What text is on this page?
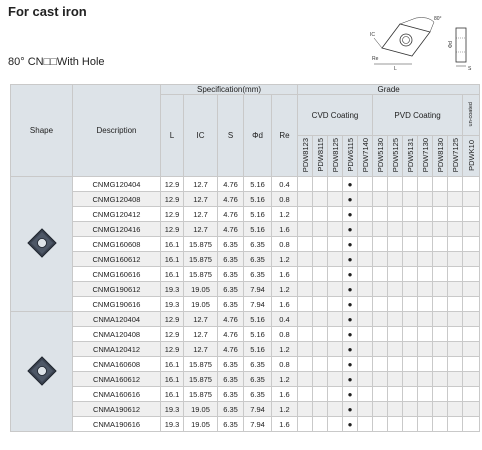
For cast iron	80°
IC
Re
L
Φd
S
80° CN□□With Hole
Shape	Description	Specification(mm)					Grade											
		L	IC	S	Φd	Re	CVD Coating					PVD Coating						un-coated
							PDW8123	PDW8115	PDW8125	PDW6115	PDW7140	PDW5130	PDW5125	PDW5131	PDW7130	PDW8130	PDW7125	PDWK10
	CNMG120404	12.9	12.7	4.76	5.16	0.4				●								
	CNMG120408	12.9	12.7	4.76	5.16	0.8				●								
	CNMG120412	12.9	12.7	4.76	5.16	1.2				●								
	CNMG120416	12.9	12.7	4.76	5.16	1.6				●								
	CNMG160608	16.1	15.875	6.35	6.35	0.8				●								
	CNMG160612	16.1	15.875	6.35	6.35	1.2				●								
	CNMG160616	16.1	15.875	6.35	6.35	1.6				●								
	CNMG190612	19.3	19.05	6.35	7.94	1.2				●								
	CNMG190616	19.3	19.05	6.35	7.94	1.6				●								
	CNMA120404	12.9	12.7	4.76	5.16	0.4				●								
	CNMA120408	12.9	12.7	4.76	5.16	0.8				●								
	CNMA120412	12.9	12.7	4.76	5.16	1.2				●								
	CNMA160608	16.1	15.875	6.35	6.35	0.8				●								
	CNMA160612	16.1	15.875	6.35	6.35	1.2				●								
	CNMA160616	16.1	15.875	6.35	6.35	1.6				●								
	CNMA190612	19.3	19.05	6.35	7.94	1.2				●								
	CNMA190616	19.3	19.05	6.35	7.94	1.6				●								
